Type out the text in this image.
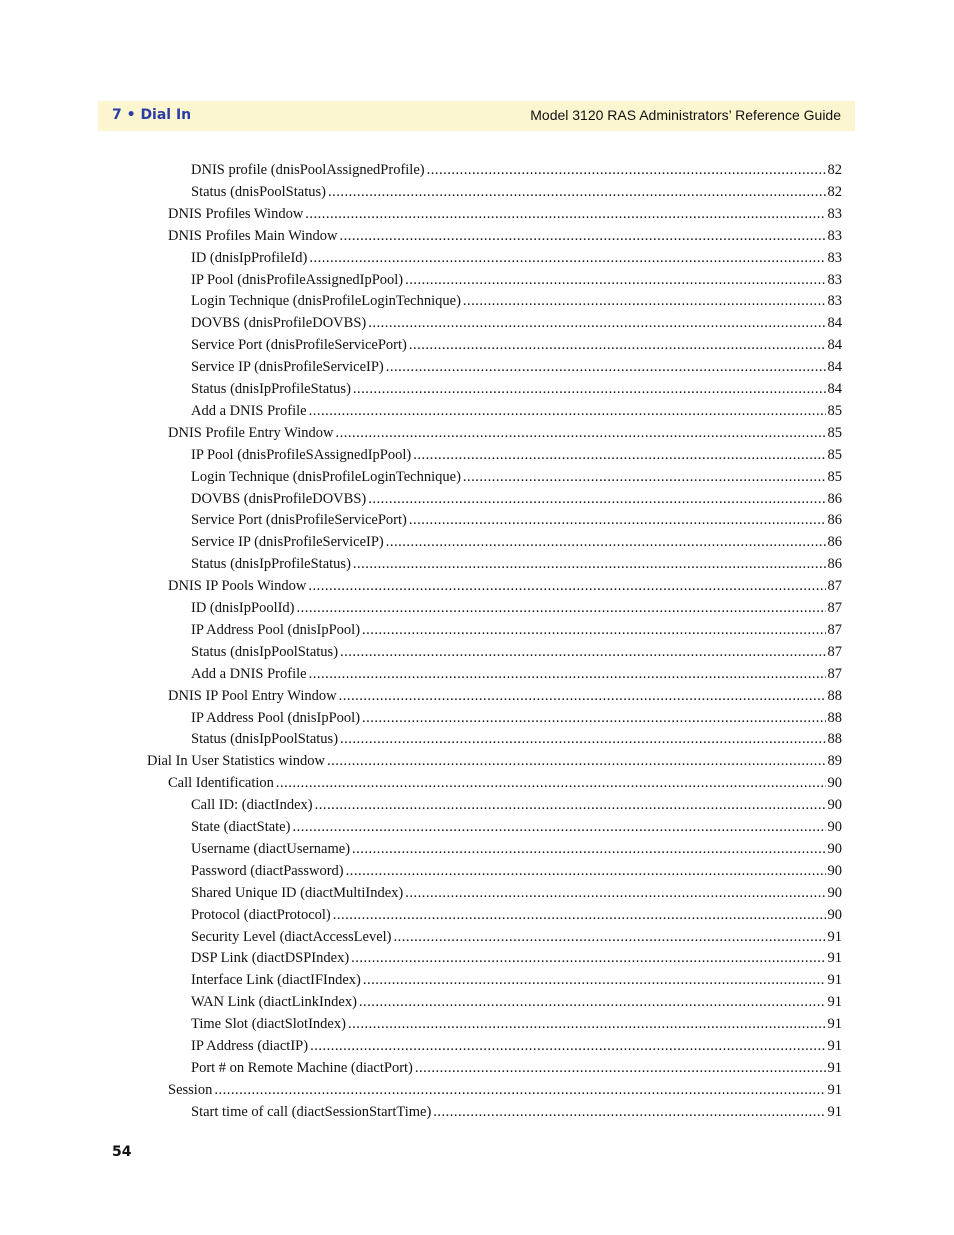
7 • Dial In	Model 3120 RAS Administrators’ Reference Guide
DNIS profile (dnisPoolAssignedProfile) .....	82
Status (dnisPoolStatus) .....	82
DNIS Profiles Window .....	83
DNIS Profiles Main Window .....	83
ID (dnisIpProfileId) .....	83
IP Pool (dnisProfileAssignedIpPool) .....	83
Login Technique (dnisProfileLoginTechnique) .....	83
DOVBS (dnisProfileDOVBS) .....	84
Service Port (dnisProfileServicePort) .....	84
Service IP (dnisProfileServiceIP) .....	84
Status (dnisIpProfileStatus) .....	84
Add a DNIS Profile .....	85
DNIS Profile Entry Window .....	85
IP Pool (dnisProfileSAssignedIpPool) .....	85
Login Technique (dnisProfileLoginTechnique) .....	85
DOVBS (dnisProfileDOVBS) .....	86
Service Port (dnisProfileServicePort) .....	86
Service IP (dnisProfileServiceIP) .....	86
Status (dnisIpProfileStatus) .....	86
DNIS IP Pools Window .....	87
ID (dnisIpPoolId) .....	87
IP Address Pool (dnisIpPool) .....	87
Status (dnisIpPoolStatus) .....	87
Add a DNIS Profile .....	87
DNIS IP Pool Entry Window .....	88
IP Address Pool (dnisIpPool) .....	88
Status (dnisIpPoolStatus) .....	88
Dial In User Statistics window .....	89
Call Identification .....	90
Call ID: (diactIndex) .....	90
State (diactState) .....	90
Username (diactUsername) .....	90
Password (diactPassword) .....	90
Shared Unique ID (diactMultiIndex) .....	90
Protocol (diactProtocol) .....	90
Security Level (diactAccessLevel) .....	91
DSP Link (diactDSPIndex) .....	91
Interface Link (diactIFIndex) .....	91
WAN Link (diactLinkIndex) .....	91
Time Slot (diactSlotIndex) .....	91
IP Address (diactIP) .....	91
Port # on Remote Machine (diactPort) .....	91
Session .....	91
Start time of call (diactSessionStartTime) .....	91
54
